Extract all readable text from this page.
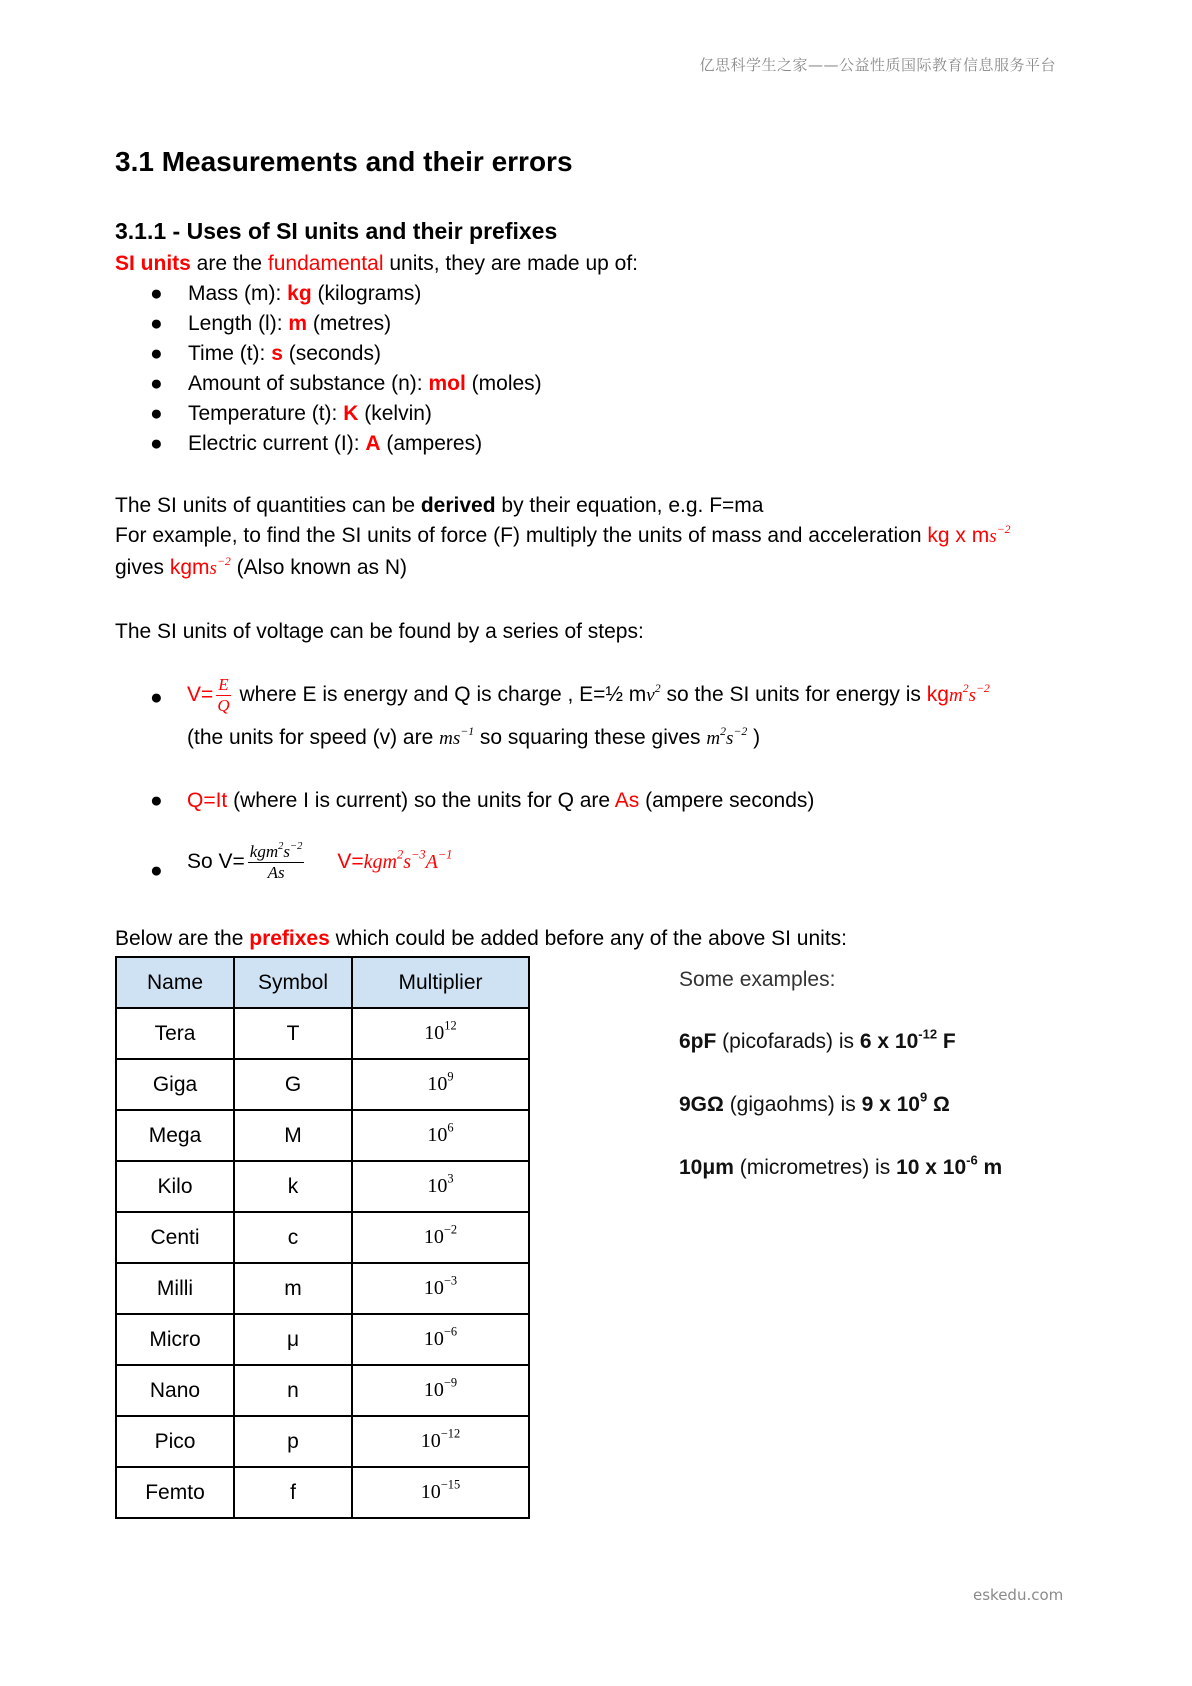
亿思科学生之家——公益性质国际教育信息服务平台
3.1 Measurements and their errors
3.1.1 - Uses of SI units and their prefixes
SI units are the fundamental units, they are made up of:
● Mass (m): kg (kilograms)
● Length (l): m (metres)
● Time (t): s (seconds)
● Amount of substance (n): mol (moles)
● Temperature (t): K (kelvin)
● Electric current (I): A (amperes)
The SI units of quantities can be derived by their equation, e.g. F=ma
For example, to find the SI units of force (F) multiply the units of mass and acceleration kg x $ms^{-2}$
gives kgms$^{-2}$ (Also known as N)
The SI units of voltage can be found by a series of steps:
● $V= \frac{E}{Q}$ where E is energy and Q is charge , E=½ $mv^2$ so the SI units for energy is $kgm^2s^{-2}$
(the units for speed (v) are $ms^{-1}$ so squaring these gives $m^2s^{-2}$ )
● Q=It (where I is current) so the units for Q are As (ampere seconds)
● So $V= \frac{kgm^2s^{-2}}{As} V=kgm^2s^{-3}A^{-1}$
Below are the prefixes which could be added before any of the above SI units:
Name	Symbol	Multiplier
Tera	T	$10^{12}$
Giga	G	$10^9$
Mega	M	$10^6$
Kilo	k	$10^3$
Centi	c	$10^{-2}$
Milli	m	$10^{-3}$
Micro	μ	$10^{-6}$
Nano	n	$10^{-9}$
Pico	p	$10^{-12}$
Femto	f	$10^{-15}$
Some examples:
6pF (picofarads) is 6 x $10^{-12}$ F
9GΩ (gigaohms) is 9 x $10^9$ Ω
10μm (micrometres) is 10 x $10^{-6}$ m
eskedu.com
